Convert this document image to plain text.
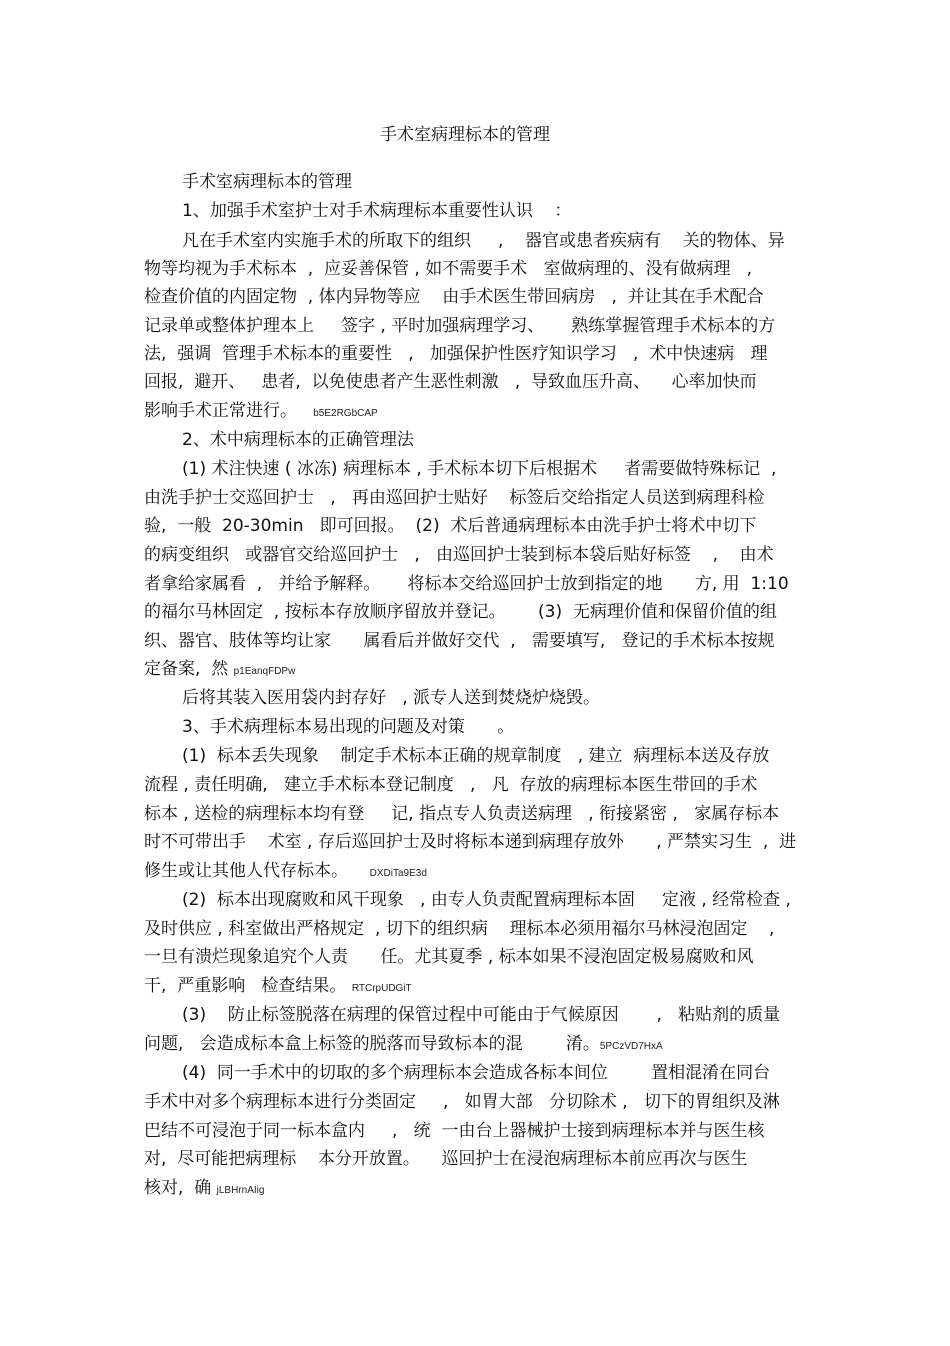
手术室病理标本的管理
手术室病理标本的管理
1、加强手术室护士对手术病理标本重要性认识    ：
凡在手术室内实施手术的所取下的组织     ,    器官或患者疾病有    关的物体、异
物等均视为手术标本  ,  应妥善保管 , 如不需要手术   室做病理的、没有做病理   ,
检查价值的内固定物  , 体内异物等应    由手术医生带回病房   ,  并让其在手术配合
记录单或整体护理本上     签字 , 平时加强病理学习、     熟练掌握管理手术标本的方
法,  强调  管理手术标本的重要性   ,   加强保护性医疗知识学习   ,  术中快速病   理
回报,  避开、   患者,  以免使患者产生恶性刺激   ,  导致血压升高、    心率加快而
影响手术正常进行。 b5E2RGbCAP
2、术中病理标本的正确管理法
(1) 术注快速 ( 冰冻) 病理标本 , 手术标本切下后根据术     者需要做特殊标记  ,
由洗手护士交巡回护士   ,   再由巡回护士贴好    标签后交给指定人员送到病理科检
验,  一般  20-30min   即可回报。  (2)  术后普通病理标本由洗手护士将术中切下
的病变组织   或器官交给巡回护士   ,   由巡回护士装到标本袋后贴好标签    ,    由术
者拿给家属看  ,   并给予解释。     将标本交给巡回护士放到指定的地      方, 用  1:10
的福尔马林固定  , 按标本存放顺序留放并登记。      (3)  无病理价值和保留价值的组
织、器官、肢体等均让家      属看后并做好交代  ,   需要填写,   登记的手术标本按规
定备案,  然 p1EanqFDPw
后将其装入医用袋内封存好   , 派专人送到焚烧炉烧毁。
3、手术病理标本易出现的问题及对策      。
(1)  标本丢失现象    制定手术标本正确的规章制度   , 建立  病理标本送及存放
流程 , 责任明确,   建立手术标本登记制度   ,   凡  存放的病理标本医生带回的手术
标本 , 送检的病理标本均有登     记, 指点专人负责送病理   , 衔接紧密 ,   家属存标本
时不可带出手    术室 , 存后巡回护士及时将标本递到病理存放外      , 严禁实习生  ,  进
修生或让其他人代存标本。 DXDiTa9E3d
(2)  标本出现腐败和风干现象   , 由专人负责配置病理标本固     定液 , 经常检查 ,
及时供应 , 科室做出严格规定  , 切下的组织病    理标本必须用福尔马林浸泡固定    ,
一旦有溃烂现象追究个人责      任。尤其夏季 , 标本如果不浸泡固定极易腐败和风
干,  严重影响   检查结果。 RTCrpUDGiT
(3)    防止标签脱落在病理的保管过程中可能由于气候原因       ,   粘贴剂的质量
问题,   会造成标本盒上标签的脱落而导致标本的混        淆。5PCzVD7HxA
(4)  同一手术中的切取的多个病理标本会造成各标本间位        置相混淆在同台
手术中对多个病理标本进行分类固定     ,   如胃大部   分切除术 ,   切下的胃组织及淋
巴结不可浸泡于同一标本盒内     ,   统  一由台上器械护士接到病理标本并与医生核
对,  尽可能把病理标    本分开放置。    巡回护士在浸泡病理标本前应再次与医生
核对,  确 jLBHrnAIig
